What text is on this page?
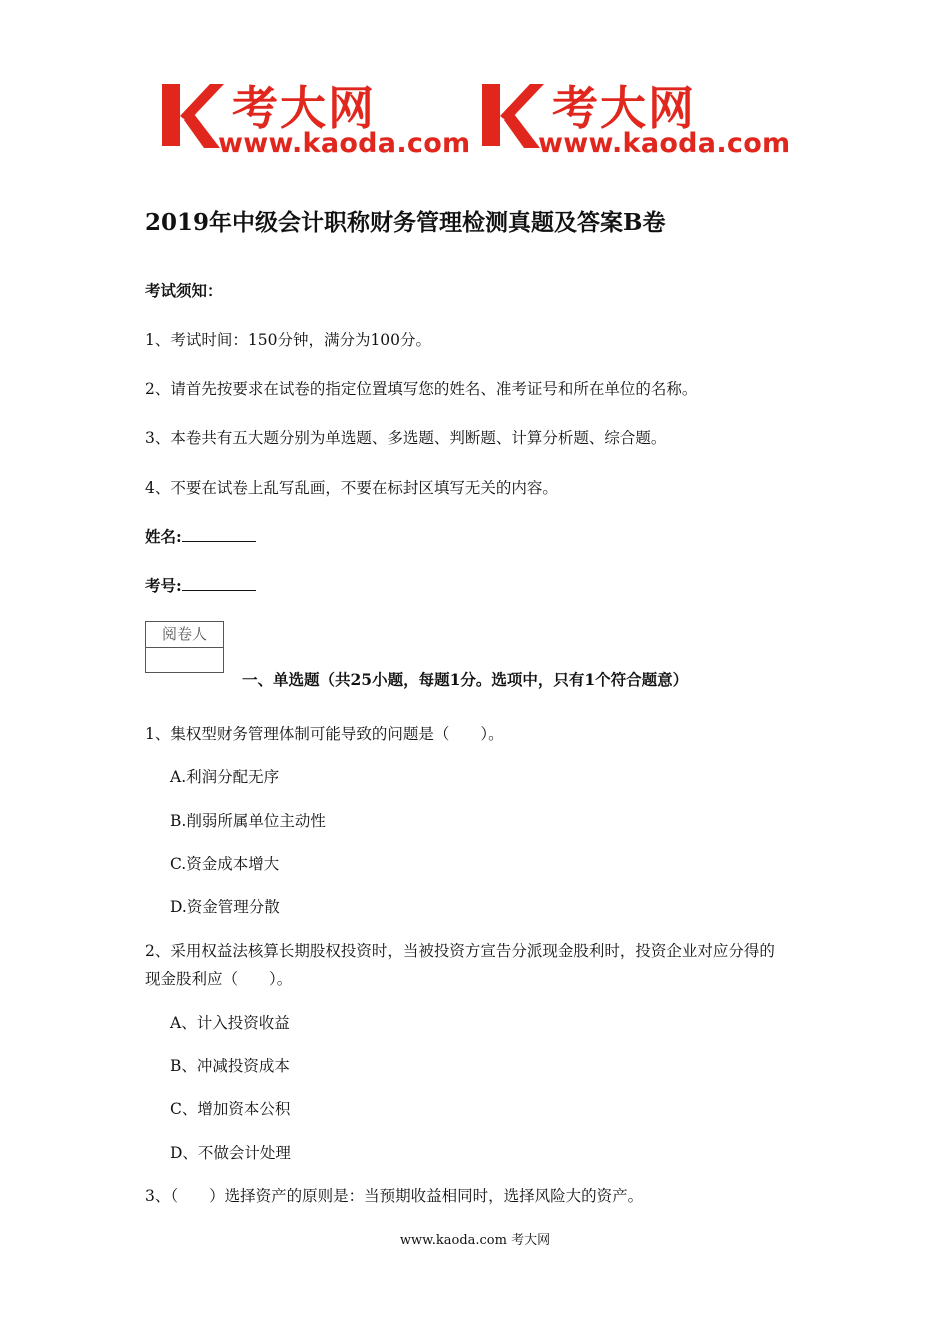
考大网
www.kaoda.com
考大网
www.kaoda.com
2019年中级会计职称财务管理检测真题及答案B卷
考试须知：
1、考试时间：150分钟，满分为100分。
2、请首先按要求在试卷的指定位置填写您的姓名、准考证号和所在单位的名称。
3、本卷共有五大题分别为单选题、多选题、判断题、计算分析题、综合题。
4、不要在试卷上乱写乱画，不要在标封区填写无关的内容。
姓名:
考号:
阅卷人
一、单选题（共25小题，每题1分。选项中，只有1个符合题意）
1、集权型财务管理体制可能导致的问题是（　　）。
A.利润分配无序
B.削弱所属单位主动性
C.资金成本增大
D.资金管理分散
2、采用权益法核算长期股权投资时，当被投资方宣告分派现金股利时，投资企业对应分得的
现金股利应（　　）。
A、计入投资收益
B、冲减投资成本
C、增加资本公积
D、不做会计处理
3、（　　）选择资产的原则是：当预期收益相同时，选择风险大的资产。
www.kaoda.com 考大网
